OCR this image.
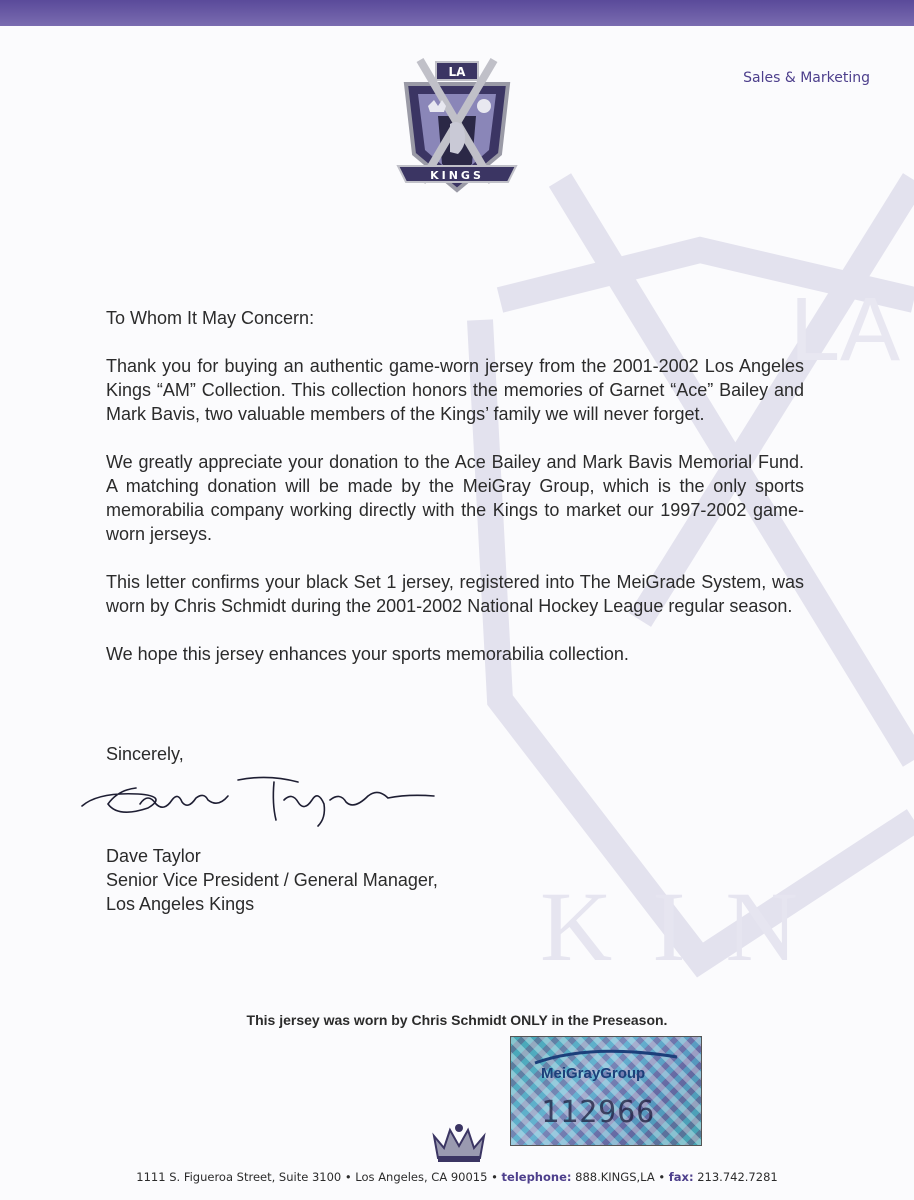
LA
KIN
LA
KINGS
Sales & Marketing

To Whom It May Concern:

Thank you for buying an authentic game-worn jersey from the 2001-2002 Los Angeles Kings “AM” Collection. This collection honors the memories of Garnet “Ace” Bailey and Mark Bavis, two valuable members of the Kings’ family we will never forget.

We greatly appreciate your donation to the Ace Bailey and Mark Bavis Memorial Fund. A matching donation will be made by the MeiGray Group, which is the only sports memorabilia company working directly with the Kings to market our 1997-2002 game-worn jerseys.

This letter confirms your black Set 1 jersey, registered into The MeiGrade System, was worn by Chris Schmidt during the 2001-2002 National Hockey League regular season.

We hope this jersey enhances your sports memorabilia collection.

Sincerely,
Dave Taylor
Senior Vice President / General Manager,
Los Angeles Kings
This jersey was worn by Chris Schmidt ONLY in the Preseason.
MeiGrayGroup
112966
1111 S. Figueroa Street, Suite 3100 • Los Angeles, CA 90015 • telephone: 888.KINGS,LA • fax: 213.742.7281
